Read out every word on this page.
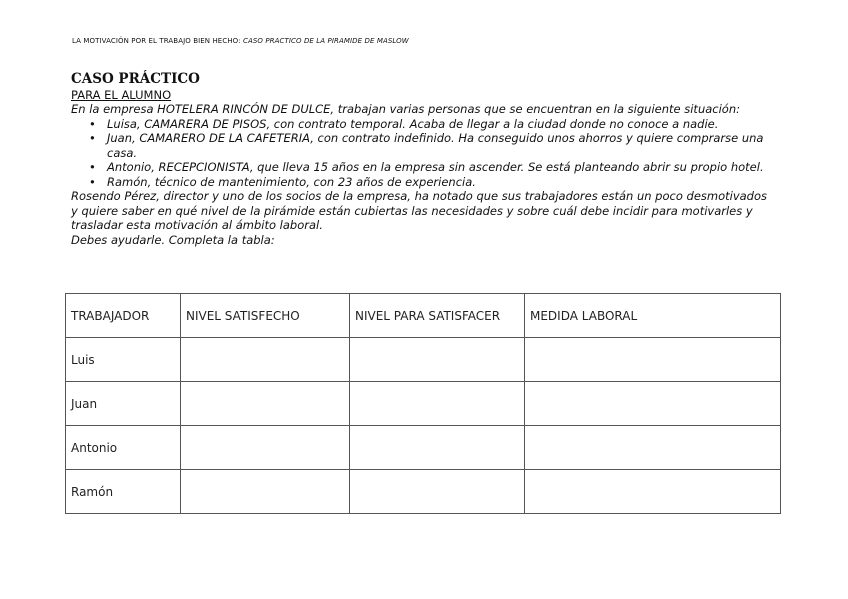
LA MOTIVACIÓN POR EL TRABAJO BIEN HECHO: CASO PRACTICO DE LA PIRAMIDE DE MASLOW
CASO PRÁCTICO

PARA EL ALUMNO

En la empresa HOTELERA RINCÓN DE DULCE, trabajan varias personas que se encuentran en la siguiente situación:

• Luisa, CAMARERA DE PISOS, con contrato temporal. Acaba de llegar a la ciudad donde no conoce a nadie.
• Juan, CAMARERO DE LA CAFETERIA, con contrato indefinido. Ha conseguido unos ahorros y quiere comprarse una casa.
• Antonio, RECEPCIONISTA, que lleva 15 años en la empresa sin ascender. Se está planteando abrir su propio hotel.
• Ramón, técnico de mantenimiento, con 23 años de experiencia.

Rosendo Pérez, director y uno de los socios de la empresa, ha notado que sus trabajadores están un poco desmotivados y quiere saber en qué nivel de la pirámide están cubiertas las necesidades y sobre cuál debe incidir para motivarles y trasladar esta motivación al ámbito laboral.

Debes ayudarle. Completa la tabla:

TRABAJADOR	NIVEL SATISFECHO	NIVEL PARA SATISFACER	MEDIDA LABORAL
Luis			
Juan			
Antonio			
Ramón			
